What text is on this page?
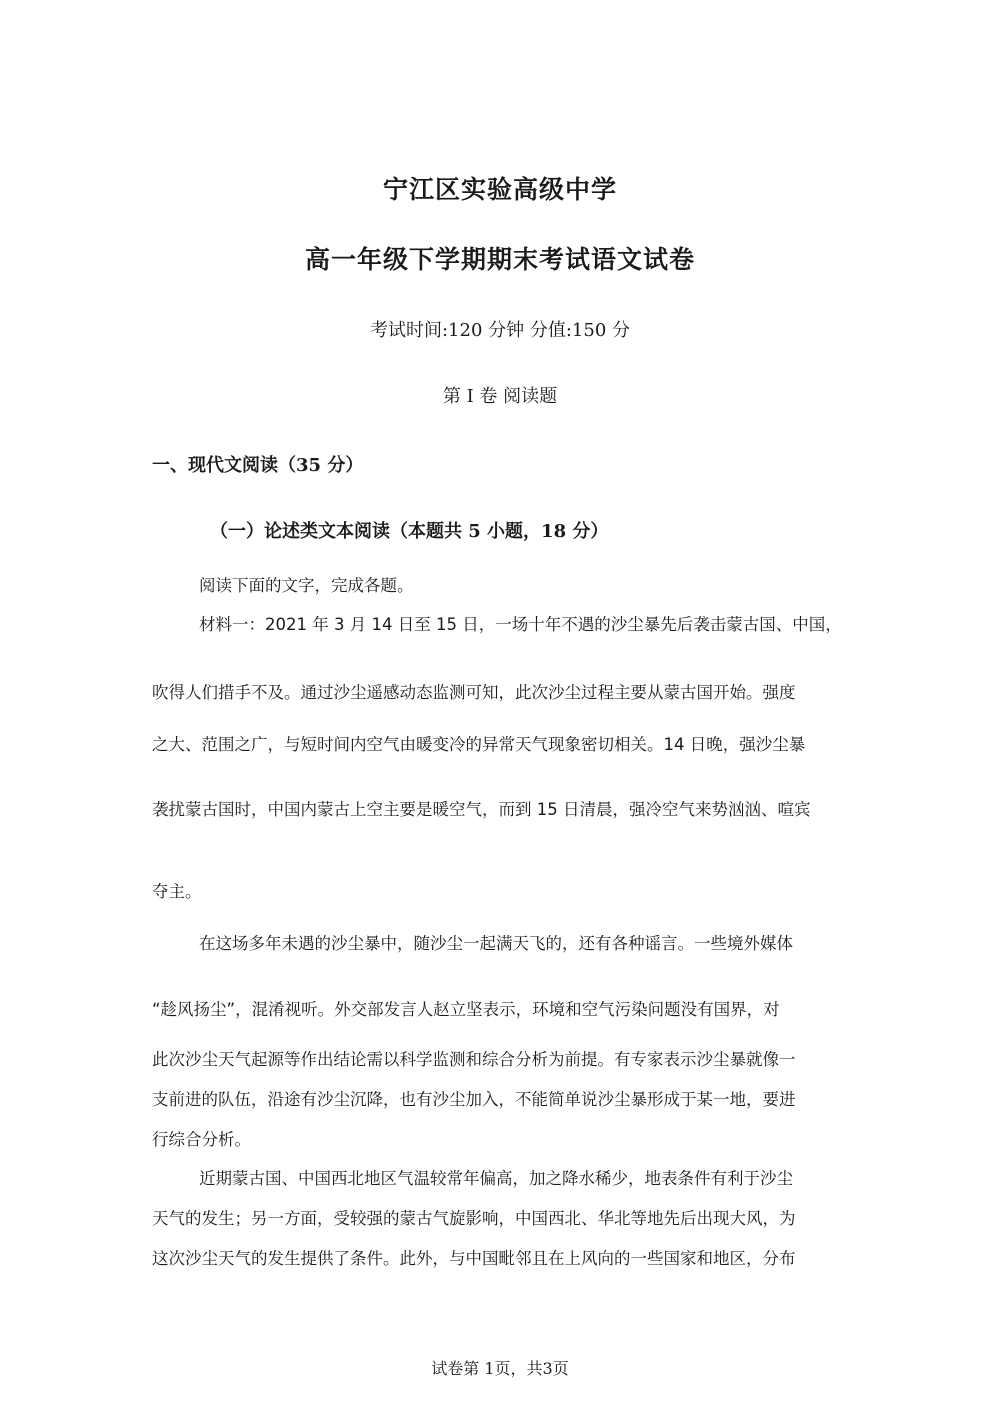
宁江区实验高级中学
高一年级下学期期末考试语文试卷
考试时间:120 分钟 分值:150 分
第 I 卷 阅读题
一、现代文阅读（35 分）
（一）论述类文本阅读（本题共 5 小题，18 分）
阅读下面的文字，完成各题。
材料一：2021 年 3 月 14 日至 15 日，一场十年不遇的沙尘暴先后袭击蒙古国、中国，
吹得人们措手不及。通过沙尘遥感动态监测可知，此次沙尘过程主要从蒙古国开始。强度
之大、范围之广，与短时间内空气由暖变冷的异常天气现象密切相关。14 日晚，强沙尘暴
袭扰蒙古国时，中国内蒙古上空主要是暖空气，而到 15 日清晨，强冷空气来势汹汹、喧宾
夺主。
在这场多年未遇的沙尘暴中，随沙尘一起满天飞的，还有各种谣言。一些境外媒体
“趁风扬尘”，混淆视听。外交部发言人赵立坚表示，环境和空气污染问题没有国界，对
此次沙尘天气起源等作出结论需以科学监测和综合分析为前提。有专家表示沙尘暴就像一
支前进的队伍，沿途有沙尘沉降，也有沙尘加入，不能简单说沙尘暴形成于某一地，要进
行综合分析。
近期蒙古国、中国西北地区气温较常年偏高，加之降水稀少，地表条件有利于沙尘
天气的发生；另一方面，受较强的蒙古气旋影响，中国西北、华北等地先后出现大风，为
这次沙尘天气的发生提供了条件。此外，与中国毗邻且在上风向的一些国家和地区，分布
试卷第 1页，共3页
